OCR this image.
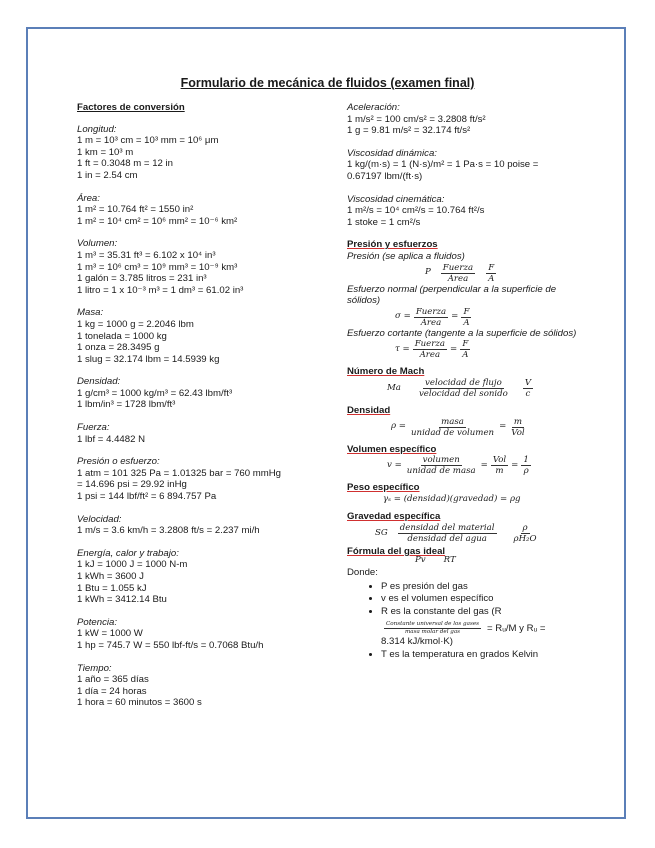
Formulario de mecánica de fluidos (examen final)
Factores de conversión
Longitud:
1 m = 10³ cm = 10³ mm = 10⁶ μm
1 km = 10³ m
1 ft = 0.3048 m = 12 in
1 in = 2.54 cm
Área:
1 m² = 10.764 ft² = 1550 in²
1 m² = 10⁴ cm² = 10⁶ mm² = 10⁻⁶ km²
Volumen:
1 m³ = 35.31 ft³ = 6.102 x 10⁴ in³
1 m³ = 10⁶ cm³ = 10⁹ mm³ = 10⁻⁹ km³
1 galón = 3.785 litros = 231 in³
1 litro = 1 x 10⁻³ m³ = 1 dm³ = 61.02 in³
Masa:
1 kg = 1000 g = 2.2046 lbm
1 tonelada = 1000 kg
1 onza = 28.3495 g
1 slug = 32.174 lbm = 14.5939 kg
Densidad:
1 g/cm³ = 1000 kg/m³ = 62.43 lbm/ft³
1 lbm/in³ = 1728 lbm/ft³
Fuerza:
1 lbf = 4.4482 N
Presión o esfuerzo:
1 atm = 101 325 Pa = 1.01325 bar = 760 mmHg
= 14.696 psi = 29.92 inHg
1 psi = 144 lbf/ft² = 6 894.757 Pa
Velocidad:
1 m/s = 3.6 km/h = 3.2808 ft/s = 2.237 mi/h
Energía, calor y trabajo:
1 kJ = 1000 J = 1000 N-m
1 kWh = 3600 J
1 Btu = 1.055 kJ
1 kWh = 3412.14 Btu
Potencia:
1 kW = 1000 W
1 hp = 745.7 W = 550 lbf-ft/s = 0.7068 Btu/h
Tiempo:
1 año = 365 días
1 día = 24 horas
1 hora = 60 minutos = 3600 s
Aceleración:
1 m/s² = 100 cm/s² = 3.2808 ft/s²
1 g = 9.81 m/s² = 32.174 ft/s²
Viscosidad dinámica:
1 kg/(m·s) = 1 (N·s)/m² = 1 Pa·s = 10 poise =
0.67197 lbm/(ft·s)
Viscosidad cinemática:
1 m²/s = 10⁴ cm²/s = 10.764 ft²/s
1 stoke = 1 cm²/s
Presión y esfuerzos
Presión (se aplica a fluidos)
P $\frac{\text{Fuerza}}{\text{Área}} \frac{F}{A}$
Esfuerzo normal (perpendicular a la superficie de sólidos)
$\sigma = \frac{\text{Fuerza}}{\text{Área}} = \frac{F}{A}$
Esfuerzo cortante (tangente a la superficie de sólidos)
$\tau = \frac{\text{Fuerza}}{\text{Área}} = \frac{F}{A}$
Número de Mach
Ma $\frac{\text{velocidad de flujo}}{\text{velocidad del sonido}} \frac{V}{c}$
Densidad
$\rho = \frac{\text{masa}}{\text{unidad de volumen}} = \frac{m}{\text{Vol}}$
Volumen específico
$v = \frac{\text{volumen}}{\text{unidad de masa}} = \frac{\text{Vol}}{m} = \frac{1}{\rho}$
Peso específico
γₛ = (densidad)(gravedad) = ρg
Gravedad específica
SG $\frac{\text{densidad del material}}{\text{densidad del agua}} \frac{\rho}{\text{ρH₂O}}$
Fórmula del gas ideal
Pv RT
Donde:
• P es presión del gas
• v es el volumen específico
• R es la constante del gas (R

$\frac{\text{Constante universal de los gases}}{\text{masa molar del gas}}$ = Rᵤ/M y Rᵤ =

8.314 kJ/kmol·K)
• T es la temperatura en grados Kelvin
